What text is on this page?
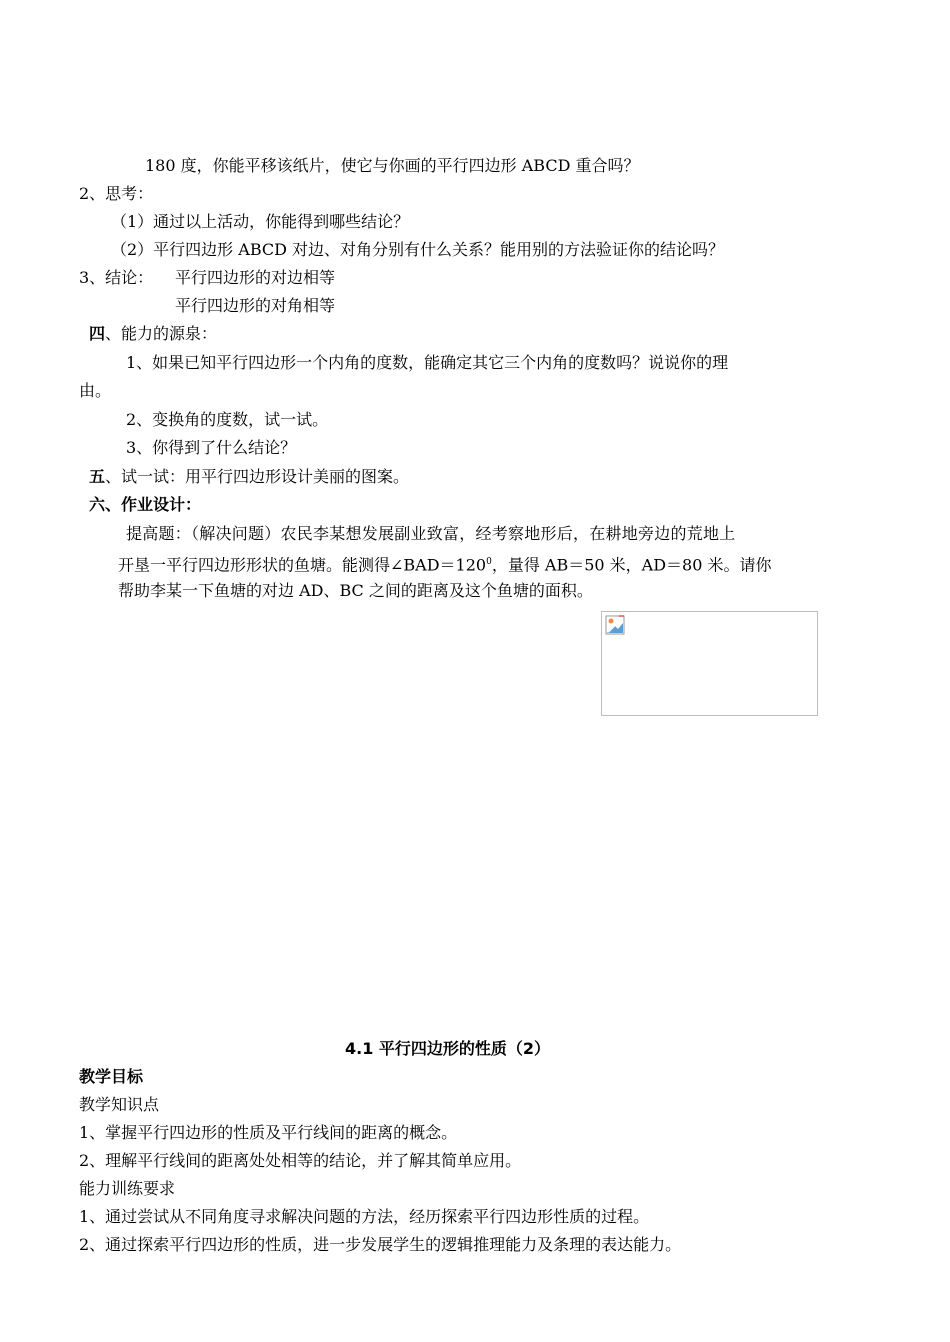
180 度，你能平移该纸片，使它与你画的平行四边形 ABCD 重合吗？
2、思考：
（1）通过以上活动，你能得到哪些结论？
（2）平行四边形 ABCD 对边、对角分别有什么关系？能用别的方法验证你的结论吗？
3、结论： 平行四边形的对边相等
平行四边形的对角相等
四、能力的源泉：
1、如果已知平行四边形一个内角的度数，能确定其它三个内角的度数吗？说说你的理
由。
2、变换角的度数，试一试。
3、你得到了什么结论？
五、试一试：用平行四边形设计美丽的图案。
六、作业设计：
提高题：（解决问题）农民李某想发展副业致富，经考察地形后，在耕地旁边的荒地上
开垦一平行四边形形状的鱼塘。能测得$\angle BAD=120^0$，量得 AB＝50 米，AD＝80 米。请你
帮助李某一下鱼塘的对边 AD、BC 之间的距离及这个鱼塘的面积。
4.1 平行四边形的性质（2）
教学目标
教学知识点
1、掌握平行四边形的性质及平行线间的距离的概念。
2、理解平行线间的距离处处相等的结论，并了解其简单应用。
能力训练要求
1、通过尝试从不同角度寻求解决问题的方法，经历探索平行四边形性质的过程。
2、通过探索平行四边形的性质，进一步发展学生的逻辑推理能力及条理的表达能力。
